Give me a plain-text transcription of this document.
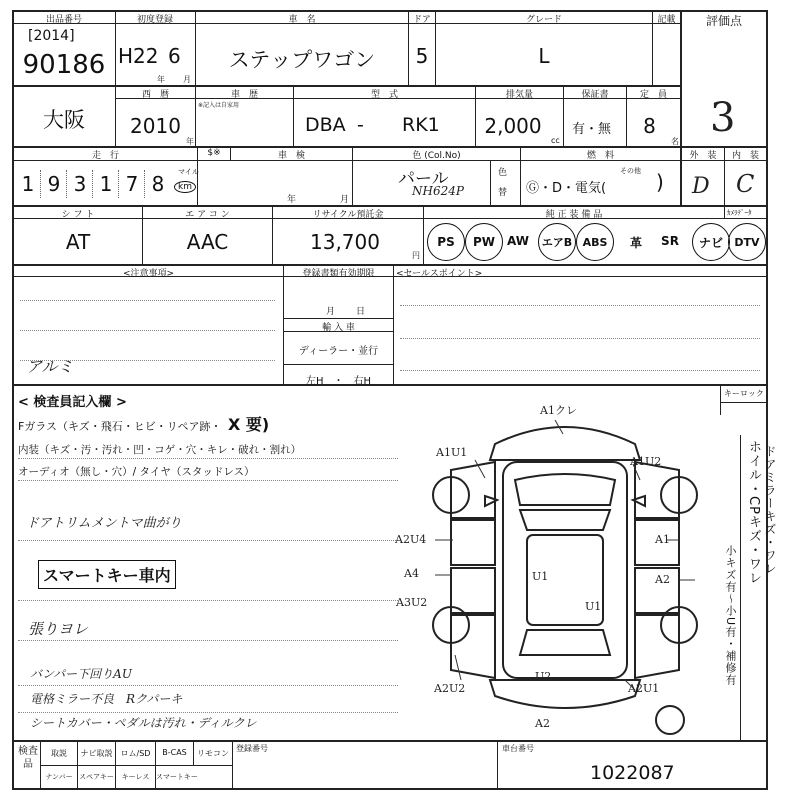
出品番号
[2014]
90186
初度登録
H22 6
年 月
車　名
ステップワゴン
ドア
5
グレード
L
記載	評価点
3
大阪
西　暦
2010
年
車　歴
※記入は自家用
型　式
DBA - RK1
排気量
2,000
cc
保証書
有・無
定　員
8
名
走　行
1 9 3 1 7 8	マイル
km
$※	車　検
年	月
色 (Col.No)
パール
NH624P
色
替
燃　料
Ⓖ・D・電気(
その他 )
外　装	内　装
D C
シ フ ト
AT
エ ア コ ン
AAC
リサイクル預託金
13,700
円
純 正 装 備 品	ｶﾒﾗﾃﾞｰﾀ
PS	PW AW	エアB ABS	革	SR	ナビ	DTV
<注意事項>
アルミ
登録書類有効期限
月 日
輸 入 車
ディーラー・並行
左H　・　右H
<セールスポイント>
< 検査員記入欄 >
キーロック
Fガラス（キズ・飛石・ヒビ・リペア跡・ X 要)
内装（キズ・汚・汚れ・凹・コゲ・穴・キレ・破れ・割れ）
オーディオ（無し・穴）/ タイヤ（スタッドレス）
ドアトリムメントマ曲がり
スマートキー車内
張りヨレ
バンパー下回りAU
電格ミラー不良　Rクパーキ
シートカバー・ペダルは汚れ・ディルクレ
ホイル・CPキズ・ワレ ドアミラーキズ・ワレ
小キズ有〜小U有・補修有
A1クレ
A1U1
A1U2
A2U4	A1
A4	U1
U1
A3U2
A2
A2U2
U2
A2U1
A2
検査品
取説	ナビ取説	ロム/SD	B-CAS	リモコン
ナンバー スペアキー	キーレス スマートキー
登録番号	車台番号
1022087
